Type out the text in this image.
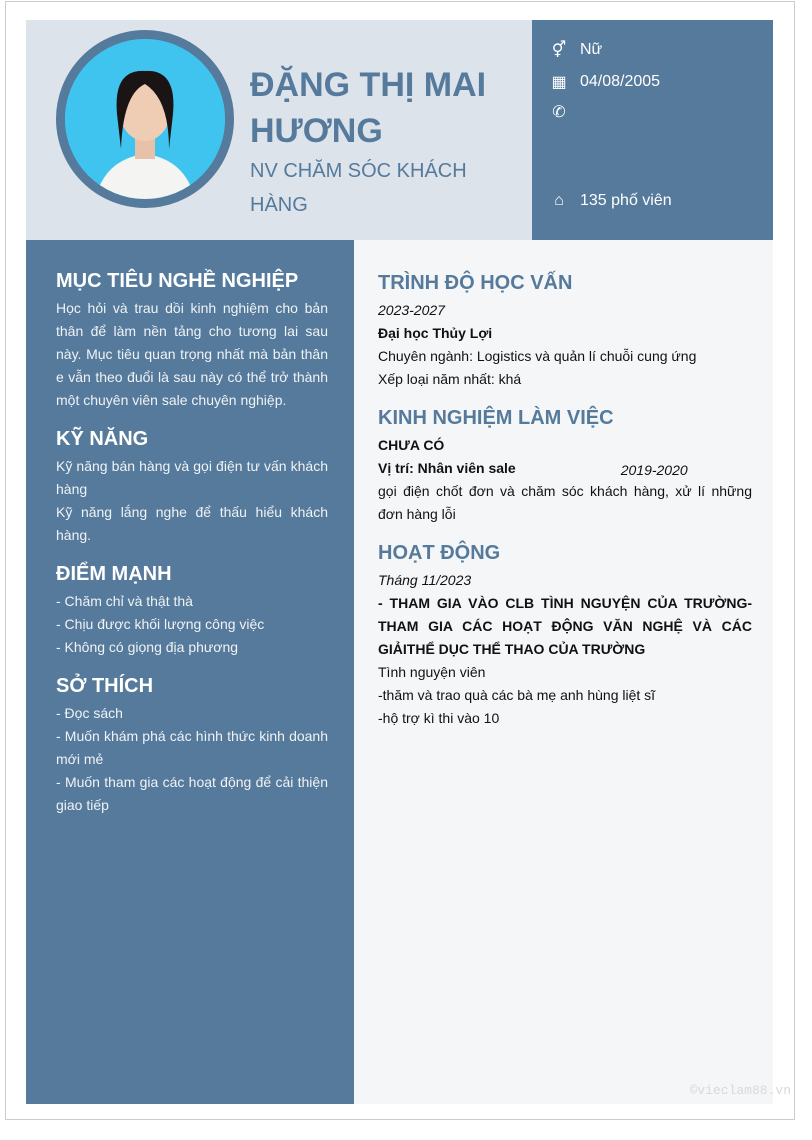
ĐẶNG THỊ MAI HƯƠNG
NV CHĂM SÓC KHÁCH HÀNG
⚥ Nữ
▦ 04/08/2005
✆
⌂ 135 phố viên
MỤC TIÊU NGHỀ NGHIỆP

Học hỏi và trau dồi kinh nghiệm cho bản thân để làm nền tảng cho tương lai sau này. Mục tiêu quan trọng nhất mà bản thân e vẫn theo đuổi là sau này có thể trở thành một chuyên viên sale chuyên nghiệp.

KỸ NĂNG

Kỹ năng bán hàng và gọi điện tư vấn khách hàng

Kỹ năng lắng nghe để thấu hiểu khách hàng.

ĐIỂM MẠNH

- Chăm chỉ và thật thà

- Chịu được khối lượng công việc

- Không có giọng địa phương

SỞ THÍCH

- Đọc sách

- Muốn khám phá các hình thức kinh doanh mới mẻ

- Muốn tham gia các hoạt động để cải thiện giao tiếp

TRÌNH ĐỘ HỌC VẤN

2023-2027

Đại học Thủy Lợi

Chuyên ngành: Logistics và quản lí chuỗi cung ứng

Xếp loại năm nhất: khá

KINH NGHIỆM LÀM VIỆC

CHƯA CÓ

Vị trí: Nhân viên sale	2019-2020

gọi điện chốt đơn và chăm sóc khách hàng, xử lí những đơn hàng lỗi

HOẠT ĐỘNG

Tháng 11/2023

- THAM GIA VÀO CLB TÌNH NGUYỆN CỦA TRƯỜNG- THAM GIA CÁC HOẠT ĐỘNG VĂN NGHỆ VÀ CÁC GIẢITHỂ DỤC THỂ THAO CỦA TRƯỜNG

Tình nguyện viên

-thăm và trao quà các bà mẹ anh hùng liệt sĩ

-hộ trợ kì thi vào 10

©vieclam88.vn
